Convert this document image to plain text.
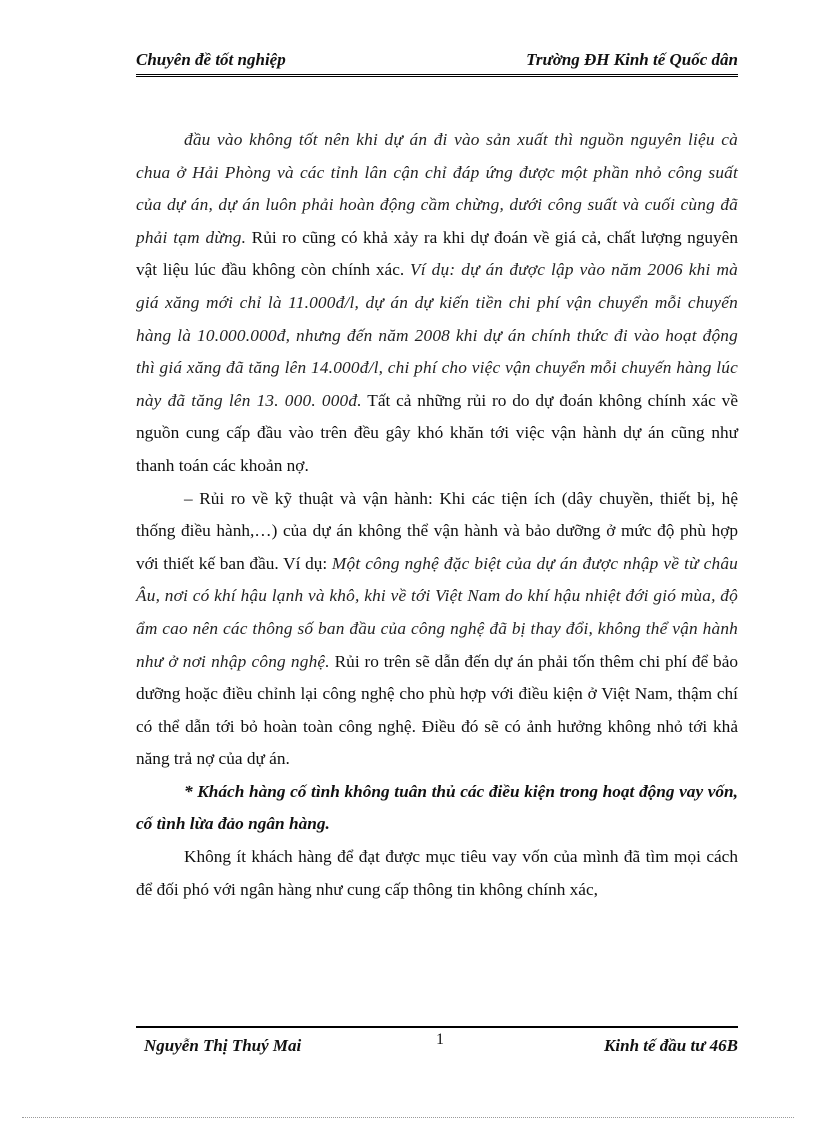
Chuyên đề tốt nghiệp	Trường ĐH Kinh tế Quốc dân

đầu vào không tốt nên khi dự án đi vào sản xuất thì nguồn nguyên liệu cà chua ở Hải Phòng và các tỉnh lân cận chỉ đáp ứng được một phần nhỏ công suất của dự án, dự án luôn phải hoàn động cầm chừng, dưới công suất và cuối cùng đã phải tạm dừng. Rủi ro cũng có khả xảy ra khi dự đoán về giá cả, chất lượng nguyên vật liệu lúc đầu không còn chính xác. Ví dụ: dự án được lập vào năm 2006 khi mà giá xăng mới chỉ là 11.000đ/l, dự án dự kiến tiền chi phí vận chuyển mỗi chuyến hàng là 10.000.000đ, nhưng đến năm 2008 khi dự án chính thức đi vào hoạt động thì giá xăng đã tăng lên 14.000đ/l, chi phí cho việc vận chuyển mỗi chuyến hàng lúc này đã tăng lên 13. 000. 000đ. Tất cả những rủi ro do dự đoán không chính xác về nguồn cung cấp đầu vào trên đều gây khó khăn tới việc vận hành dự án cũng như thanh toán các khoản nợ.

– Rủi ro về kỹ thuật và vận hành: Khi các tiện ích (dây chuyền, thiết bị, hệ thống điều hành,…) của dự án không thể vận hành và bảo dưỡng ở mức độ phù hợp với thiết kế ban đầu. Ví dụ: Một công nghệ đặc biệt của dự án được nhập về từ châu Âu, nơi có khí hậu lạnh và khô, khi về tới Việt Nam do khí hậu nhiệt đới gió mùa, độ ẩm cao nên các thông số ban đầu của công nghệ đã bị thay đổi, không thể vận hành như ở nơi nhập công nghệ. Rủi ro trên sẽ dẫn đến dự án phải tốn thêm chi phí để bảo dưỡng hoặc điều chỉnh lại công nghệ cho phù hợp với điều kiện ở Việt Nam, thậm chí có thể dẫn tới bỏ hoàn toàn công nghệ. Điều đó sẽ có ảnh hưởng không nhỏ tới khả năng trả nợ của dự án.

* Khách hàng cố tình không tuân thủ các điều kiện trong hoạt động vay vốn, cố tình lừa đảo ngân hàng.

Không ít khách hàng để đạt được mục tiêu vay vốn của mình đã tìm mọi cách để đối phó với ngân hàng như cung cấp thông tin không chính xác,

Nguyễn Thị Thuý Mai	1	Kinh tế đầu tư 46B
